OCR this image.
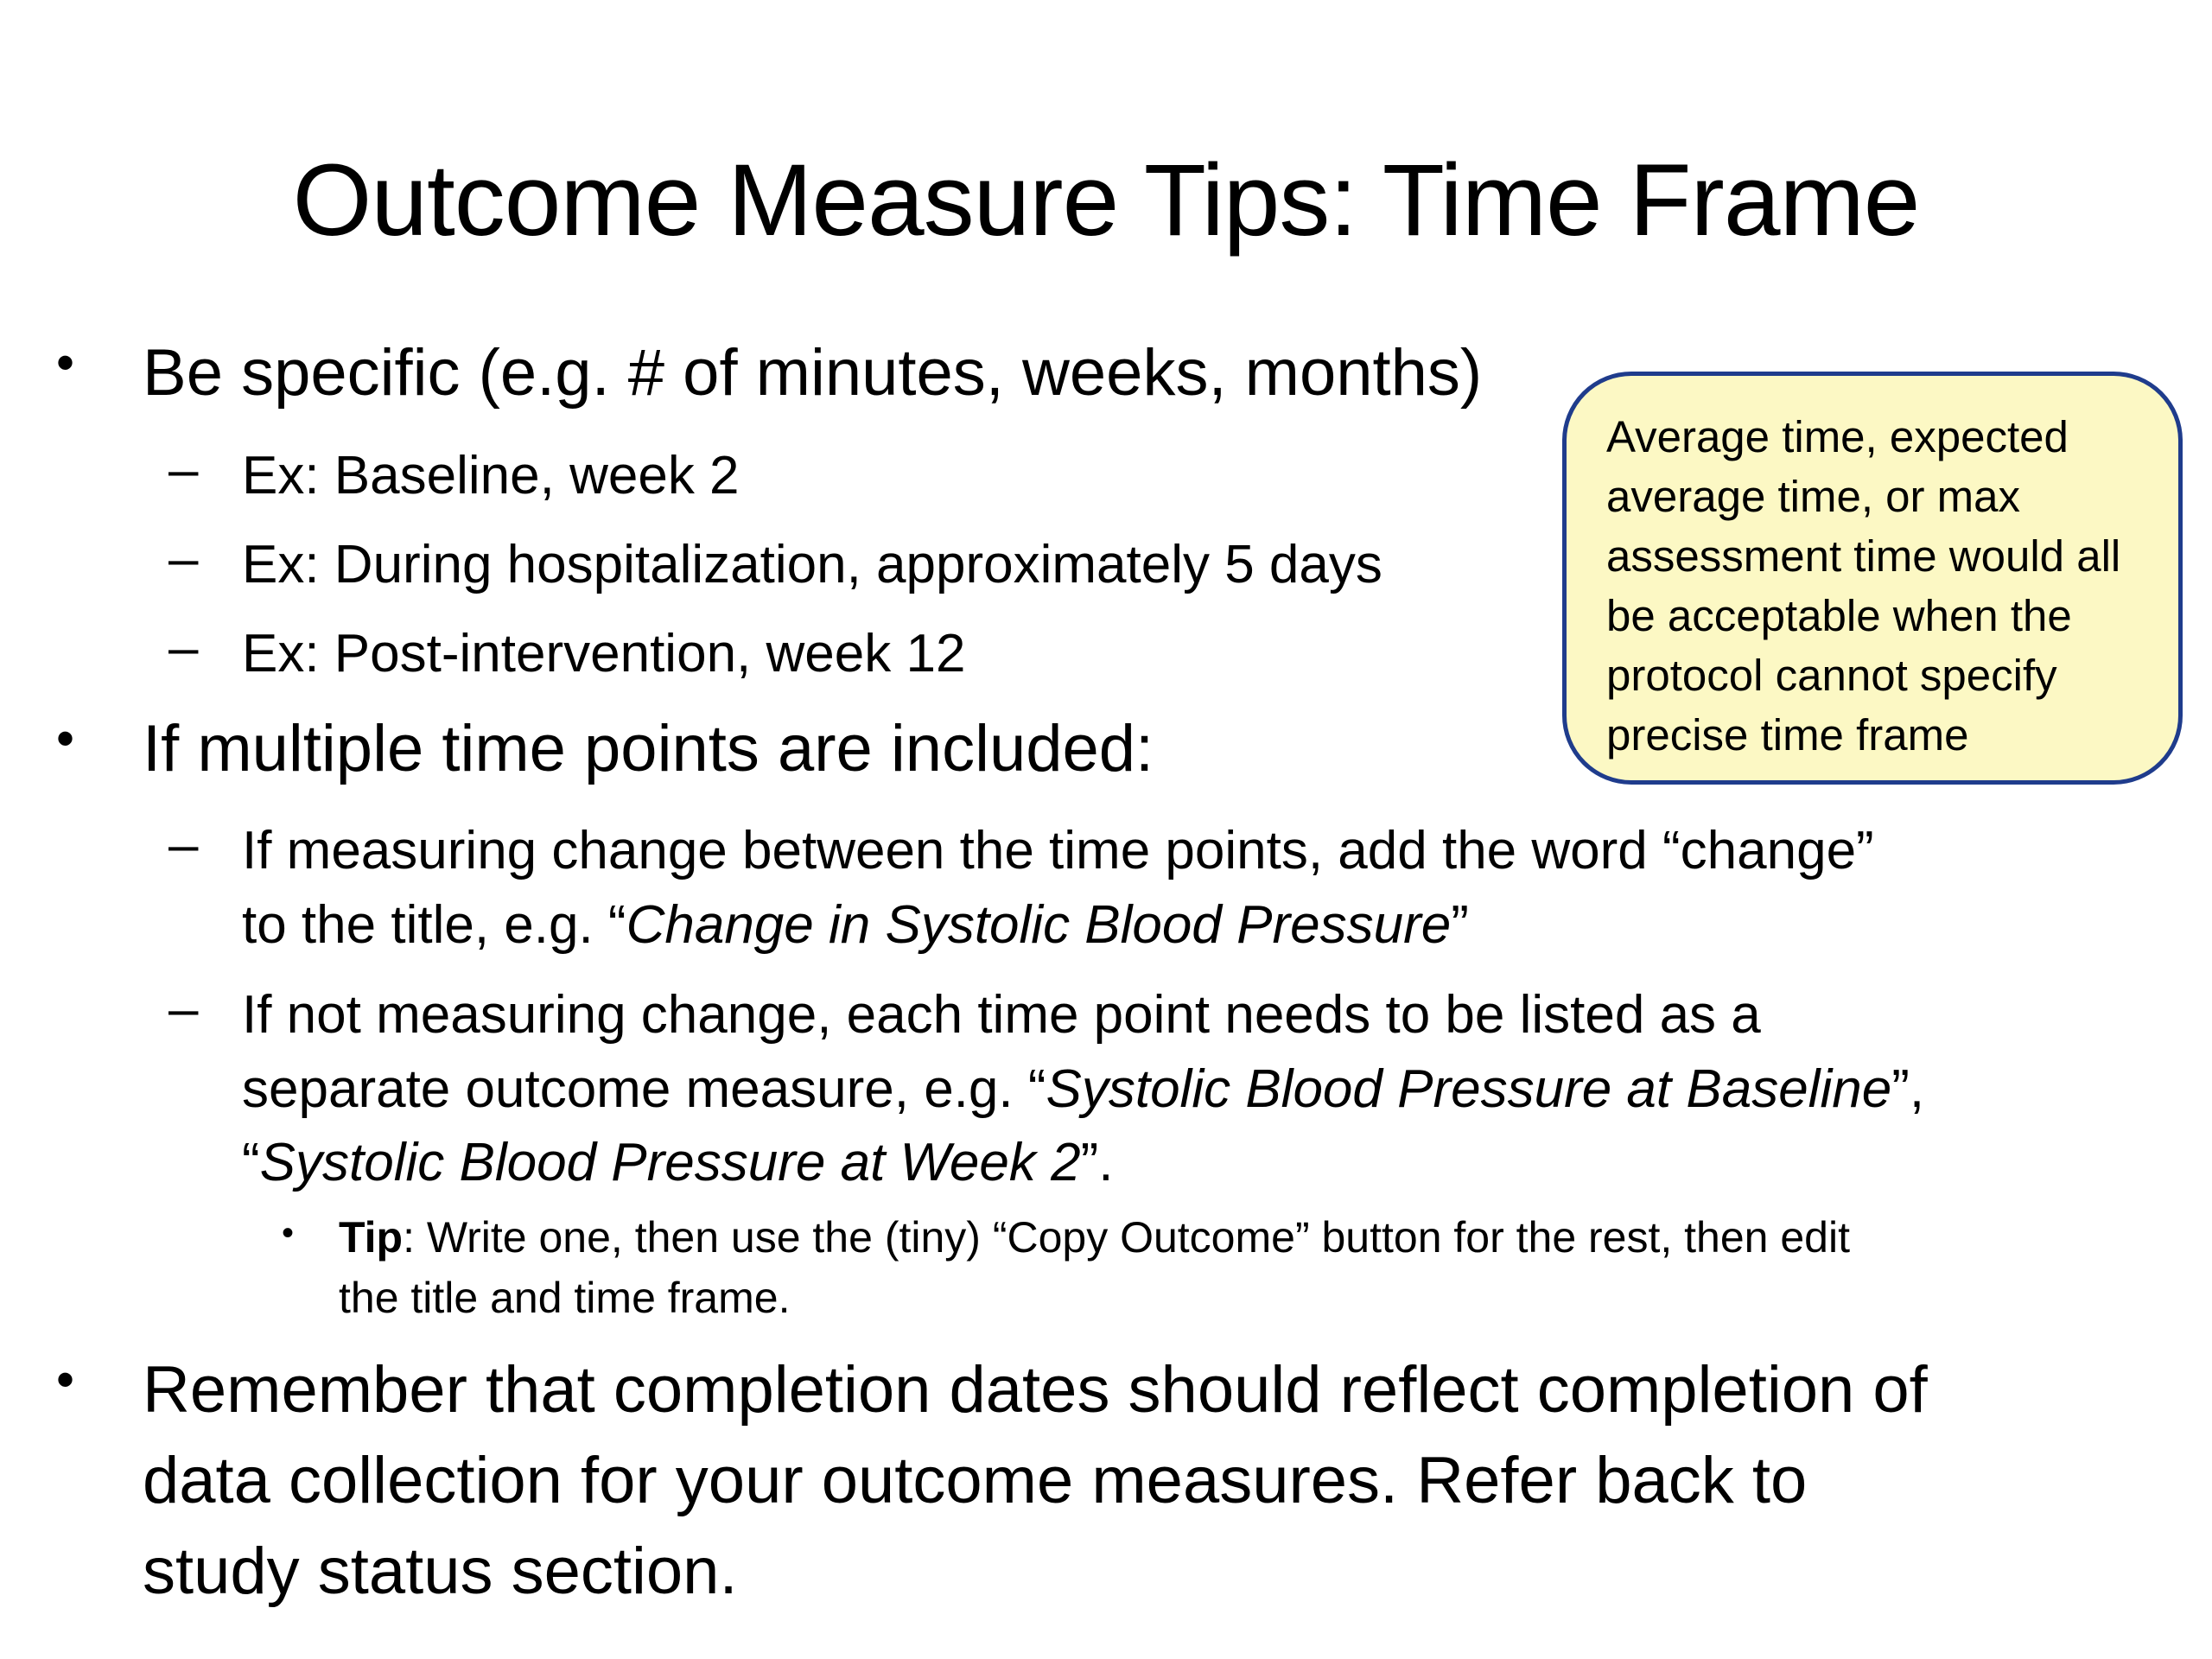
Outcome Measure Tips: Time Frame
• Be specific (e.g. # of minutes, weeks, months)
– Ex: Baseline, week 2
– Ex: During hospitalization, approximately 5 days
– Ex: Post-intervention, week 12
Average time, expected
average time, or max
assessment time would all
be acceptable when the
protocol cannot specify
precise time frame
• If multiple time points are included:
– If measuring change between the time points, add the word “change”
to the title, e.g. “Change in Systolic Blood Pressure”
– If not measuring change, each time point needs to be listed as a
separate outcome measure, e.g. “Systolic Blood Pressure at Baseline”,
“Systolic Blood Pressure at Week 2”.
• Tip: Write one, then use the (tiny) “Copy Outcome” button for the rest, then edit
the title and time frame.
• Remember that completion dates should reflect completion of
data collection for your outcome measures. Refer back to
study status section.
